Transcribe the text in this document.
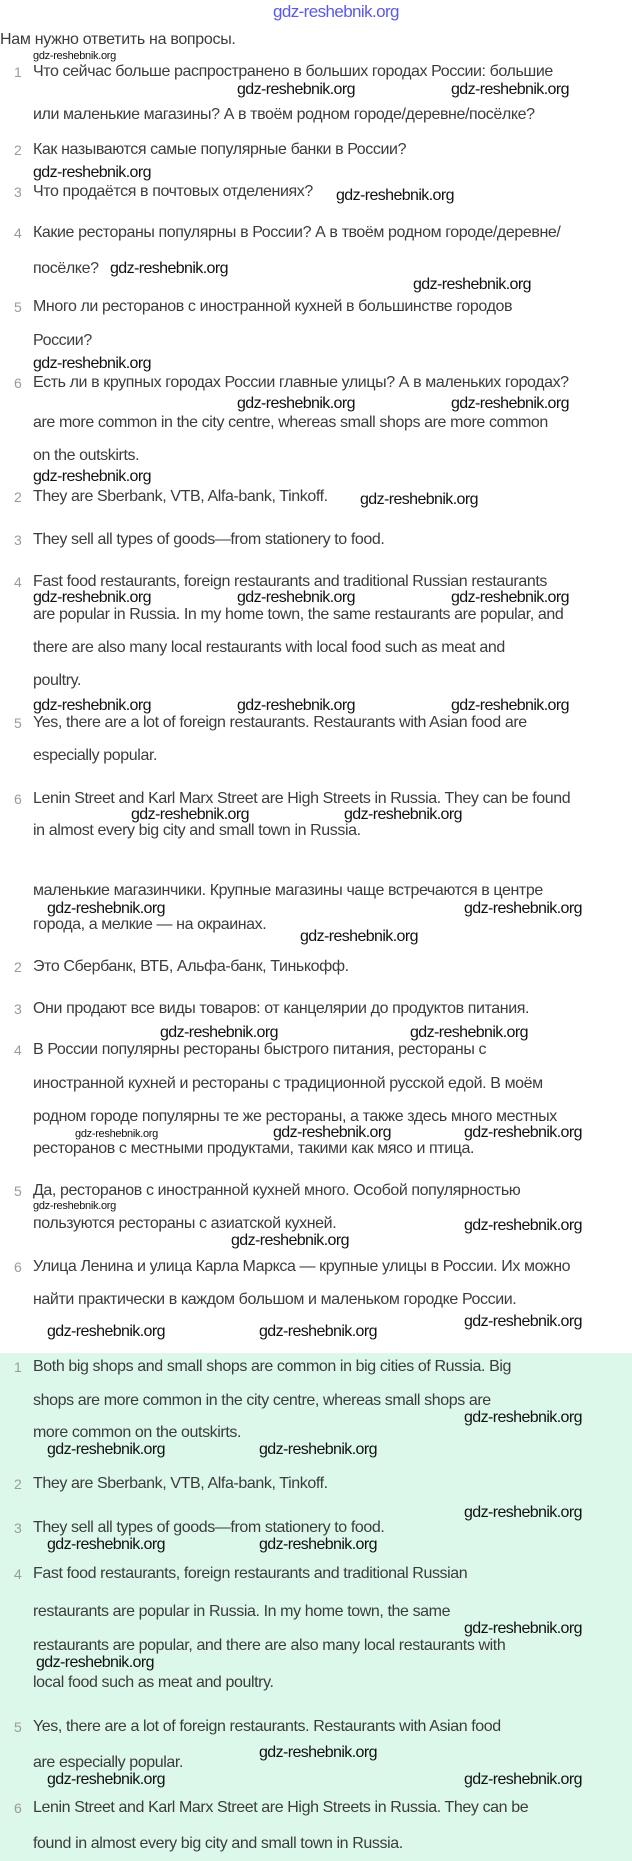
gdz-reshebnik.org
Нам нужно ответить на вопросы.
1 Что сейчас больше распространено в больших городах России: большие
или маленькие магазины? А в твоём родном городе/деревне/посёлке?
2 Как называются самые популярные банки в России?
3 Что продаётся в почтовых отделениях?
4 Какие рестораны популярны в России? А в твоём родном городе/деревне/
посёлке?
5 Много ли ресторанов с иностранной кухней в большинстве городов
России?
6 Есть ли в крупных городах России главные улицы? А в маленьких городах?
are more common in the city centre, whereas small shops are more common
on the outskirts.
2 They are Sberbank, VTB, Alfa-bank, Tinkoff.
3 They sell all types of goods—from stationery to food.
4 Fast food restaurants, foreign restaurants and traditional Russian restaurants
are popular in Russia. In my home town, the same restaurants are popular, and
there are also many local restaurants with local food such as meat and
poultry.
5 Yes, there are a lot of foreign restaurants. Restaurants with Asian food are
especially popular.
6 Lenin Street and Karl Marx Street are High Streets in Russia. They can be found
in almost every big city and small town in Russia.
маленькие магазинчики. Крупные магазины чаще встречаются в центре
города, а мелкие — на окраинах.
2 Это Сбербанк, ВТБ, Альфа-банк, Тинькофф.
3 Они продают все виды товаров: от канцелярии до продуктов питания.
4 В России популярны рестораны быстрого питания, рестораны с
иностранной кухней и рестораны с традиционной русской едой. В моём
родном городе популярны те же рестораны, а также здесь много местных
ресторанов с местными продуктами, такими как мясо и птица.
5 Да, ресторанов с иностранной кухней много. Особой популярностью
пользуются рестораны с азиатской кухней.
6 Улица Ленина и улица Карла Маркса — крупные улицы в России. Их можно
найти практически в каждом большом и маленьком городке России.
1 Both big shops and small shops are common in big cities of Russia. Big
shops are more common in the city centre, whereas small shops are
more common on the outskirts.
2 They are Sberbank, VTB, Alfa-bank, Tinkoff.
3 They sell all types of goods—from stationery to food.
4 Fast food restaurants, foreign restaurants and traditional Russian
restaurants are popular in Russia. In my home town, the same
restaurants are popular, and there are also many local restaurants with
local food such as meat and poultry.
5 Yes, there are a lot of foreign restaurants. Restaurants with Asian food
are especially popular.
6 Lenin Street and Karl Marx Street are High Streets in Russia. They can be
found in almost every big city and small town in Russia.
gdz-reshebnik.org
gdz-reshebnik.org	gdz-reshebnik.org
gdz-reshebnik.org
gdz-reshebnik.org
gdz-reshebnik.org
gdz-reshebnik.org
gdz-reshebnik.org
gdz-reshebnik.org	gdz-reshebnik.org
gdz-reshebnik.org
gdz-reshebnik.org
gdz-reshebnik.org	gdz-reshebnik.org	gdz-reshebnik.org
gdz-reshebnik.org	gdz-reshebnik.org	gdz-reshebnik.org
gdz-reshebnik.org	gdz-reshebnik.org
gdz-reshebnik.org	gdz-reshebnik.org
gdz-reshebnik.org
gdz-reshebnik.org	gdz-reshebnik.org
gdz-reshebnik.org	gdz-reshebnik.org	gdz-reshebnik.org
gdz-reshebnik.org
gdz-reshebnik.org
gdz-reshebnik.org
gdz-reshebnik.org
gdz-reshebnik.org	gdz-reshebnik.org
gdz-reshebnik.org
gdz-reshebnik.org	gdz-reshebnik.org
gdz-reshebnik.org
gdz-reshebnik.org	gdz-reshebnik.org
gdz-reshebnik.org
gdz-reshebnik.org
gdz-reshebnik.org
gdz-reshebnik.org
gdz-reshebnik.org
